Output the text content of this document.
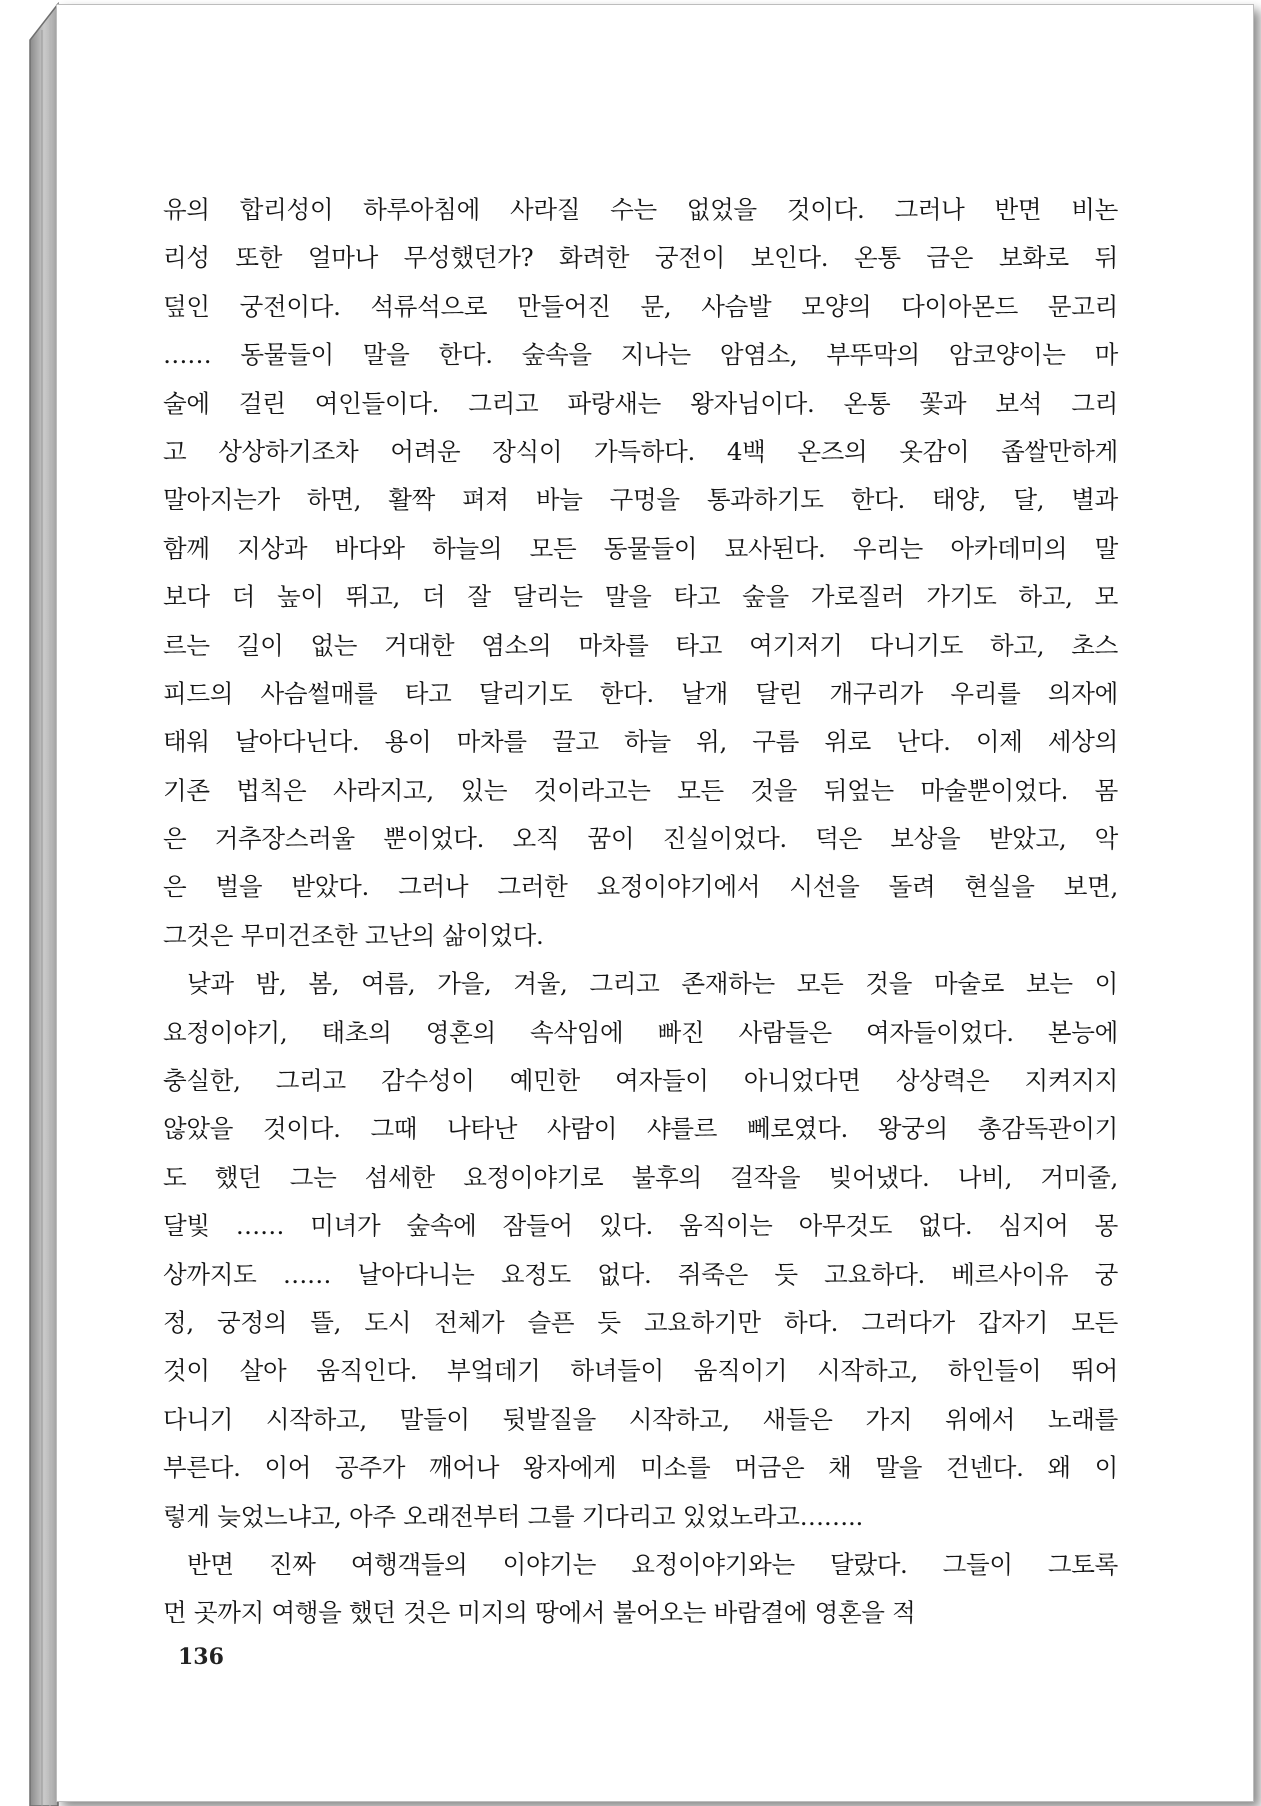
유의 합리성이 하루아침에 사라질 수는 없었을 것이다. 그러나 반면 비논
리성 또한 얼마나 무성했던가? 화려한 궁전이 보인다. 온통 금은 보화로 뒤
덮인 궁전이다. 석류석으로 만들어진 문, 사슴발 모양의 다이아몬드 문고리
…… 동물들이 말을 한다. 숲속을 지나는 암염소, 부뚜막의 암코양이는 마
술에 걸린 여인들이다. 그리고 파랑새는 왕자님이다. 온통 꽃과 보석 그리
고 상상하기조차 어려운 장식이 가득하다. 4백 온즈의 옷감이 좁쌀만하게
말아지는가 하면, 활짝 펴져 바늘 구멍을 통과하기도 한다. 태양, 달, 별과
함께 지상과 바다와 하늘의 모든 동물들이 묘사된다. 우리는 아카데미의 말
보다 더 높이 뛰고, 더 잘 달리는 말을 타고 숲을 가로질러 가기도 하고, 모
르는 길이 없는 거대한 염소의 마차를 타고 여기저기 다니기도 하고, 초스
피드의 사슴썰매를 타고 달리기도 한다. 날개 달린 개구리가 우리를 의자에
태워 날아다닌다. 용이 마차를 끌고 하늘 위, 구름 위로 난다. 이제 세상의
기존 법칙은 사라지고, 있는 것이라고는 모든 것을 뒤엎는 마술뿐이었다. 몸
은 거추장스러울 뿐이었다. 오직 꿈이 진실이었다. 덕은 보상을 받았고, 악
은 벌을 받았다. 그러나 그러한 요정이야기에서 시선을 돌려 현실을 보면,
그것은 무미건조한 고난의 삶이었다.
낮과 밤, 봄, 여름, 가을, 겨울, 그리고 존재하는 모든 것을 마술로 보는 이
요정이야기, 태초의 영혼의 속삭임에 빠진 사람들은 여자들이었다. 본능에
충실한, 그리고 감수성이 예민한 여자들이 아니었다면 상상력은 지켜지지
않았을 것이다. 그때 나타난 사람이 샤를르 뻬로였다. 왕궁의 총감독관이기
도 했던 그는 섬세한 요정이야기로 불후의 걸작을 빚어냈다. 나비, 거미줄,
달빛 …… 미녀가 숲속에 잠들어 있다. 움직이는 아무것도 없다. 심지어 몽
상까지도 …… 날아다니는 요정도 없다. 쥐죽은 듯 고요하다. 베르사이유 궁
정, 궁정의 뜰, 도시 전체가 슬픈 듯 고요하기만 하다. 그러다가 갑자기 모든
것이 살아 움직인다. 부엌데기 하녀들이 움직이기 시작하고, 하인들이 뛰어
다니기 시작하고, 말들이 뒷발질을 시작하고, 새들은 가지 위에서 노래를
부른다. 이어 공주가 깨어나 왕자에게 미소를 머금은 채 말을 건넨다. 왜 이
렇게 늦었느냐고, 아주 오래전부터 그를 기다리고 있었노라고……..
반면 진짜 여행객들의 이야기는 요정이야기와는 달랐다. 그들이 그토록
먼 곳까지 여행을 했던 것은 미지의 땅에서 불어오는 바람결에 영혼을 적
136
